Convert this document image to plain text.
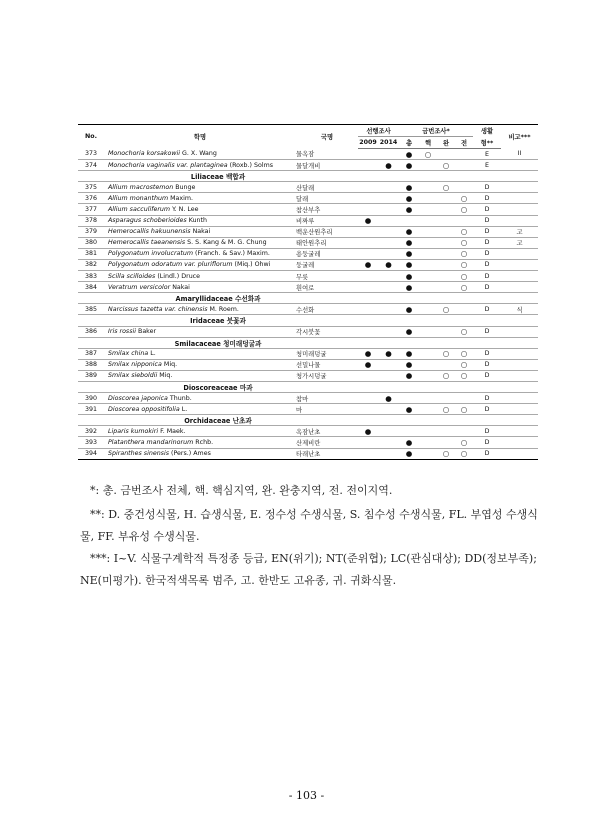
No.	학명	국명	선행조사		금번조사*				생활	비고***
			2009	2014	총	핵	완	전	형**	
373	Monochoria korsakowii G. X. Wang	물옥잠			●	○			E	II
374	Monochoria vaginalis var. plantaginea (Roxb.) Solms	물달개비		●	●		○		E	
Liliaceae 백합과										
375	Allium macrostemon Bunge	산달래			●		○		D	
376	Allium monanthum Maxim.	달래			●			○	D	
377	Allium sacculiferum Y. N. Lee	참산부추			●			○	D	
378	Asparagus schoberioides Kunth	비짜루	●						D	
379	Hemerocallis hakuunensis Nakai	백운산원추리			●			○	D	고
380	Hemerocallis taeanensis S. S. Kang & M. G. Chung	태안원추리			●			○	D	고
381	Polygonatum involucratum (Franch. & Sav.) Maxim.	용둥굴레			●			○	D	
382	Polygonatum odoratum var. pluriflorum (Miq.) Ohwi	둥굴레	●	●	●			○	D	
383	Scilla scilloides (Lindl.) Druce	무릇			●			○	D	
384	Veratrum versicolor Nakai	흰여로			●			○	D	
Amaryllidaceae 수선화과										
385	Narcissus tazetta var. chinensis M. Roem.	수선화			●		○		D	식
Iridaceae 붓꽃과										
386	Iris rossii Baker	각시붓꽃			●			○	D	
Smilacaceae 청미래덩굴과										
387	Smilax china L.	청미래덩굴	●	●	●		○	○	D	
388	Smilax nipponica Miq.	선밀나물	●		●			○	D	
389	Smilax sieboldii Miq.	청가시덩굴			●		○	○	D	
Dioscoreaceae 마과										
390	Dioscorea japonica Thunb.	참마		●					D	
391	Dioscorea oppositifolia L.	마			●		○	○	D	
Orchidaceae 난초과										
392	Liparis kumokiri F. Maek.	옥잠난초	●						D	
393	Platanthera mandarinorum Rchb.	산제비란			●			○	D	
394	Spiranthes sinensis (Pers.) Ames	타래난초			●		○	○	D	
*: 총. 금번조사 전체, 핵. 핵심지역, 완. 완충지역, 전. 전이지역.
**: D. 중건성식물, H. 습생식물, E. 정수성 수생식물, S. 침수성 수생식물, FL. 부엽성 수생식물, FF. 부유성 수생식물.
***: I~V. 식물구계학적 특정종 등급, EN(위기); NT(준위협); LC(관심대상); DD(정보부족); NE(미평가). 한국적색목록 범주, 고. 한반도 고유종, 귀. 귀화식물.
- 103 -
